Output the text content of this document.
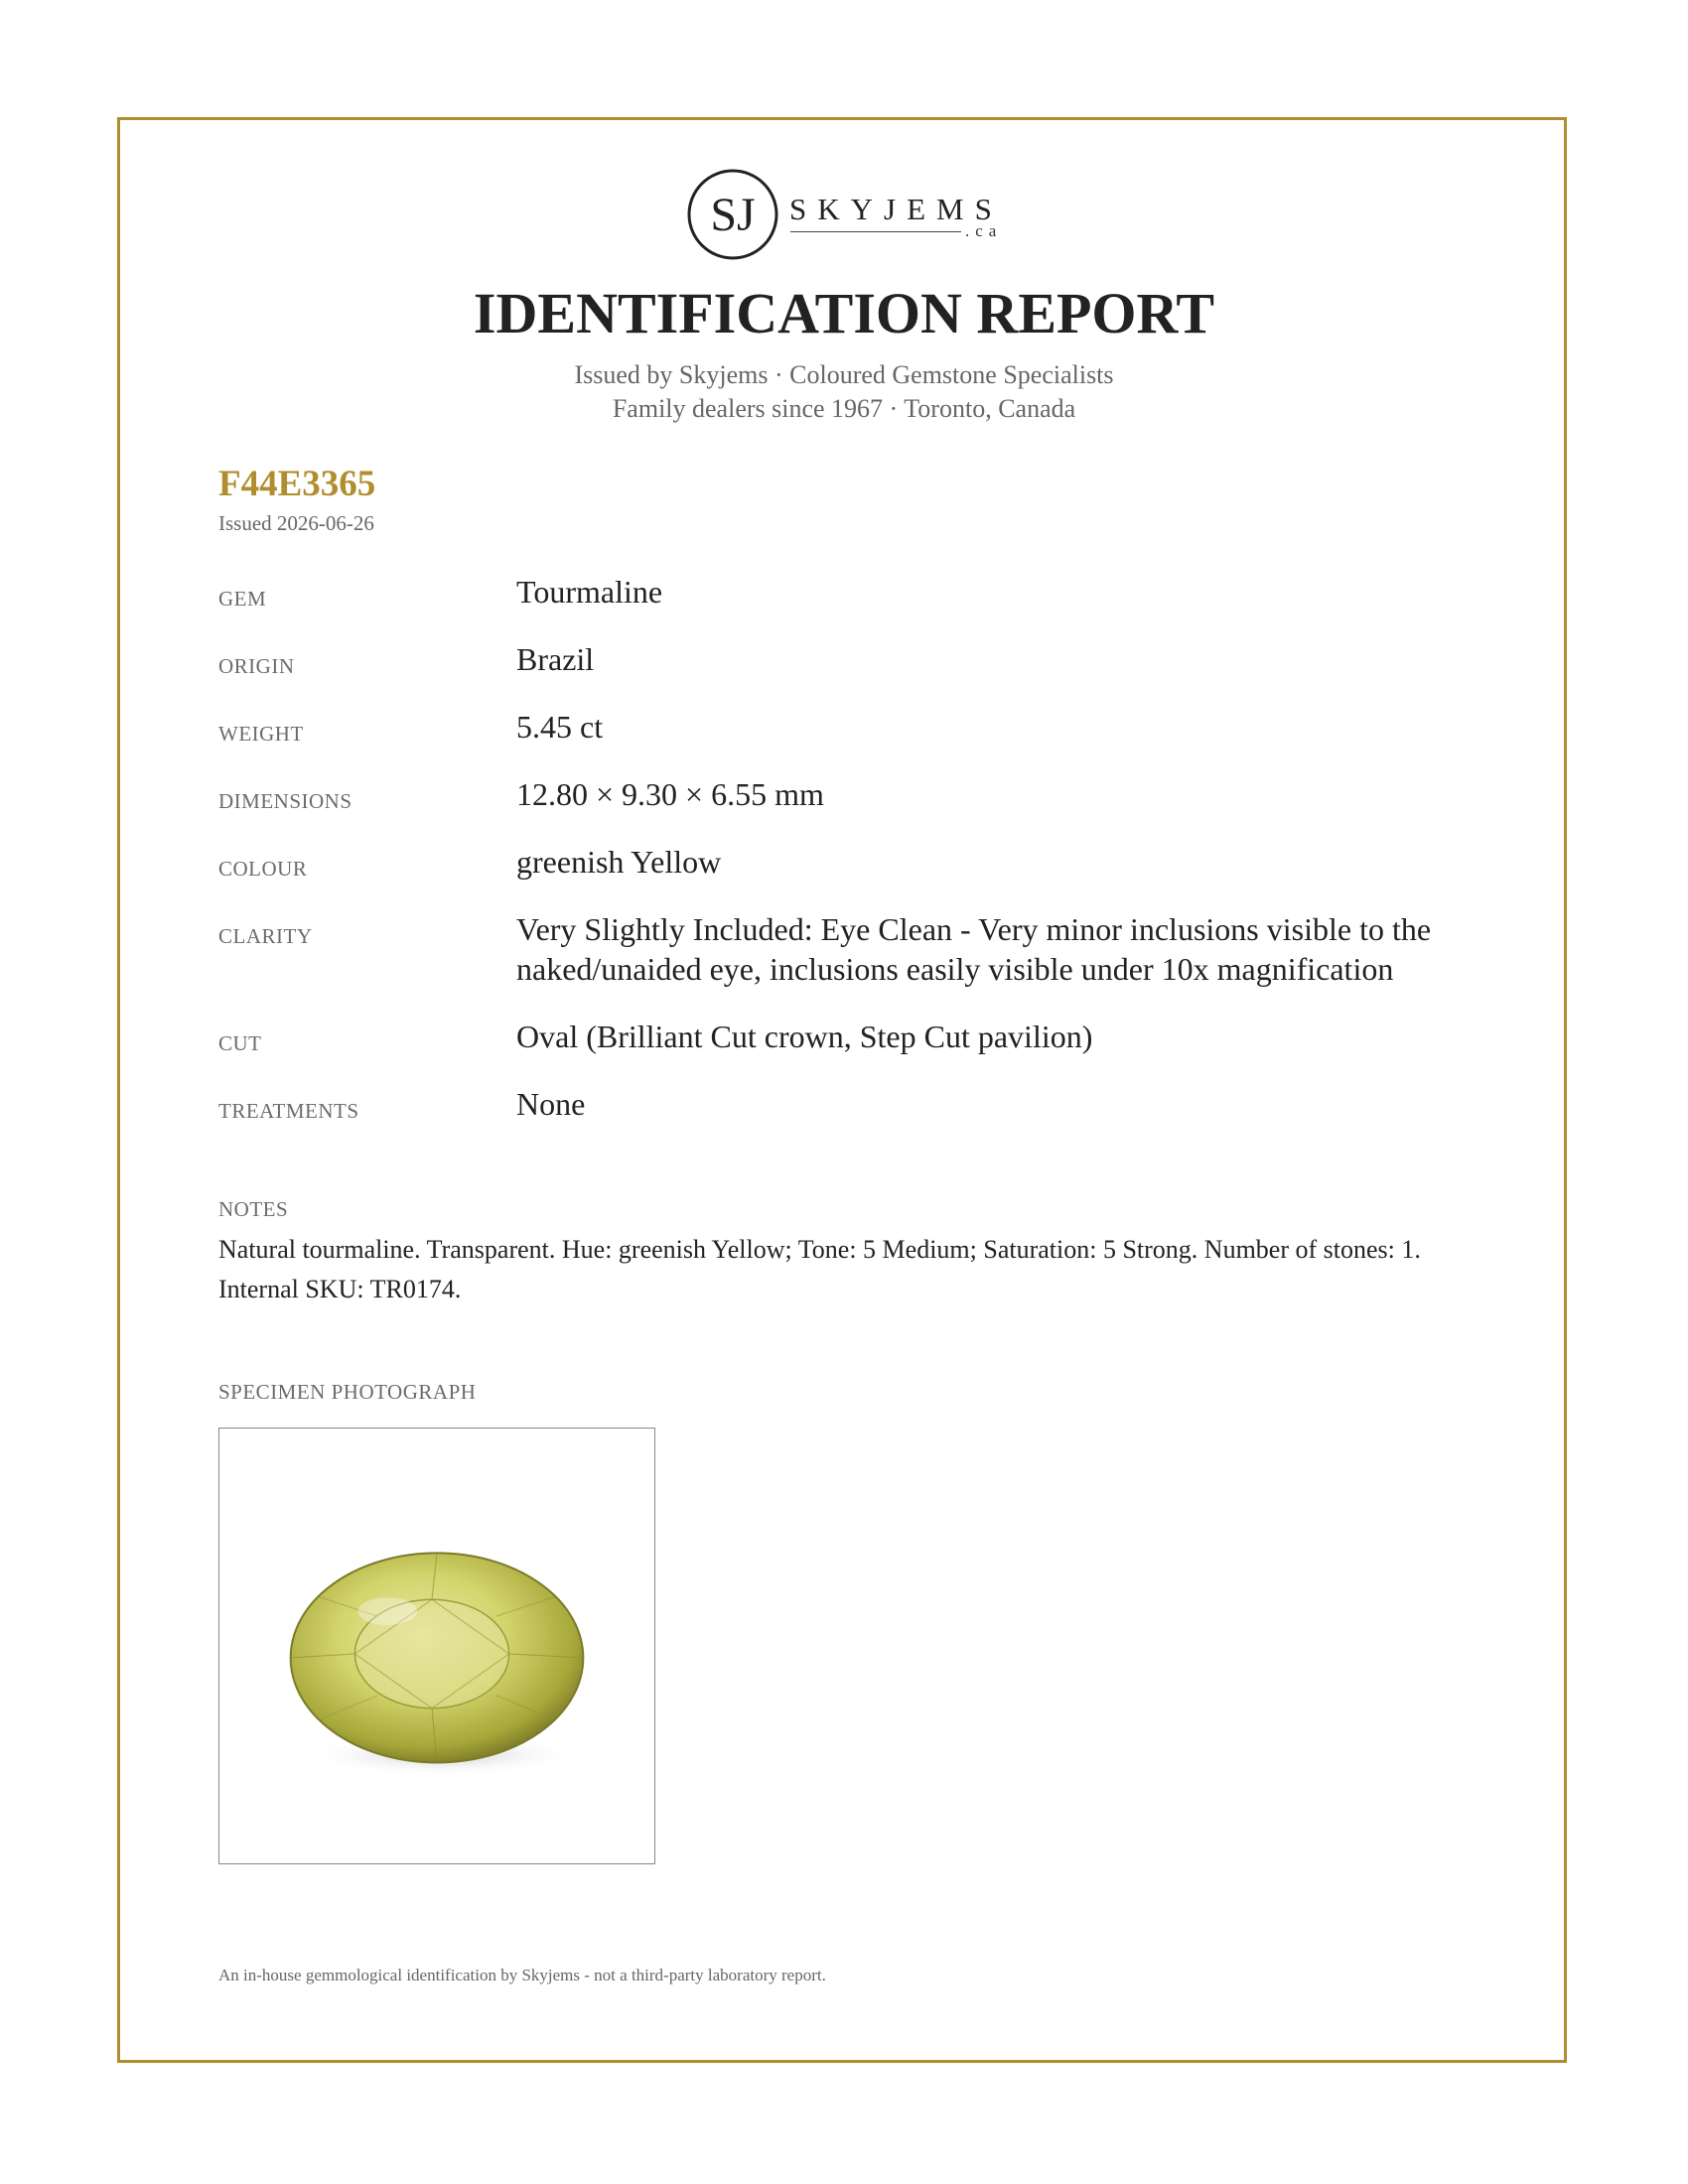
SJ SKYJEMS
.ca
IDENTIFICATION REPORT
Issued by Skyjems · Coloured Gemstone Specialists
Family dealers since 1967 · Toronto, Canada
F44E3365
Issued 2026-06-26
GEM	Tourmaline
ORIGIN	Brazil
WEIGHT	5.45 ct
DIMENSIONS	12.80 × 9.30 × 6.55 mm
COLOUR	greenish Yellow
CLARITY	Very Slightly Included: Eye Clean - Very minor inclusions visible to the naked/unaided eye, inclusions easily visible under 10x magnification
CUT	Oval (Brilliant Cut crown, Step Cut pavilion)
TREATMENTS	None
NOTES
Natural tourmaline. Transparent. Hue: greenish Yellow; Tone: 5 Medium; Saturation: 5 Strong. Number of stones: 1. Internal SKU: TR0174.
SPECIMEN PHOTOGRAPH
An in-house gemmological identification by Skyjems - not a third-party laboratory report.
